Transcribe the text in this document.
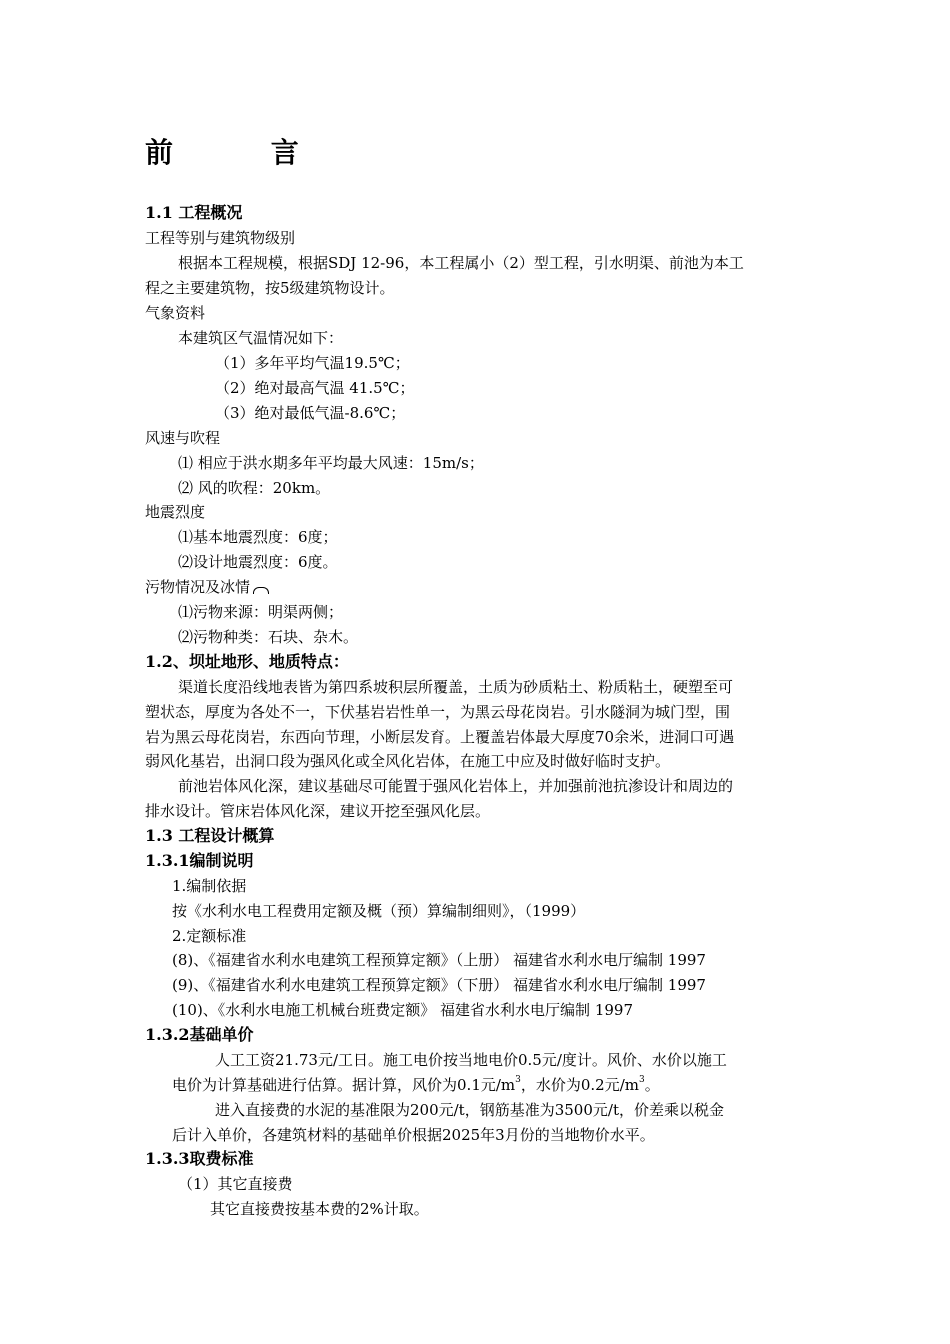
前 言
1.1 工程概况
工程等别与建筑物级别
根据本工程规模，根据SDJ 12-96，本工程属小（2）型工程，引水明渠、前池为本工
程之主要建筑物，按5级建筑物设计。
气象资料
本建筑区气温情况如下：
（1）多年平均气温19.5℃；
（2）绝对最高气温 41.5℃；
（3）绝对最低气温-8.6℃；
风速与吹程
⑴ 相应于洪水期多年平均最大风速：15m/s；
⑵ 风的吹程：20km。
地震烈度
⑴基本地震烈度：6度；
⑵设计地震烈度：6度。
污物情况及冰情
⑴污物来源：明渠两侧；
⑵污物种类：石块、杂木。
1.2、坝址地形、地质特点：
渠道长度沿线地表皆为第四系坡积层所覆盖，土质为砂质粘土、粉质粘土，硬塑至可
塑状态，厚度为各处不一，下伏基岩岩性单一，为黑云母花岗岩。引水隧洞为城门型，围
岩为黑云母花岗岩，东西向节理，小断层发育。上覆盖岩体最大厚度70余米，进洞口可遇
弱风化基岩，出洞口段为强风化或全风化岩体，在施工中应及时做好临时支护。
前池岩体风化深，建议基础尽可能置于强风化岩体上，并加强前池抗渗设计和周边的
排水设计。管床岩体风化深，建议开挖至强风化层。
1.3 工程设计概算
1.3.1编制说明
1.编制依据
按《水利水电工程费用定额及概（预）算编制细则》，（1999）
2.定额标准
(8)、《福建省水利水电建筑工程预算定额》（上册） 福建省水利水电厅编制 1997
(9)、《福建省水利水电建筑工程预算定额》（下册） 福建省水利水电厅编制 1997
(10)、《水利水电施工机械台班费定额》 福建省水利水电厅编制 1997
1.3.2基础单价
人工工资21.73元/工日。施工电价按当地电价0.5元/度计。风价、水价以施工
电价为计算基础进行估算。据计算，风价为0.1元$/m^3$，水价为0.2元$/m^3$。
进入直接费的水泥的基准限为200元/t，钢筋基准为3500元/t，价差乘以税金
后计入单价，各建筑材料的基础单价根据2025年3月份的当地物价水平。
1.3.3取费标准
（1）其它直接费
其它直接费按基本费的2%计取。
